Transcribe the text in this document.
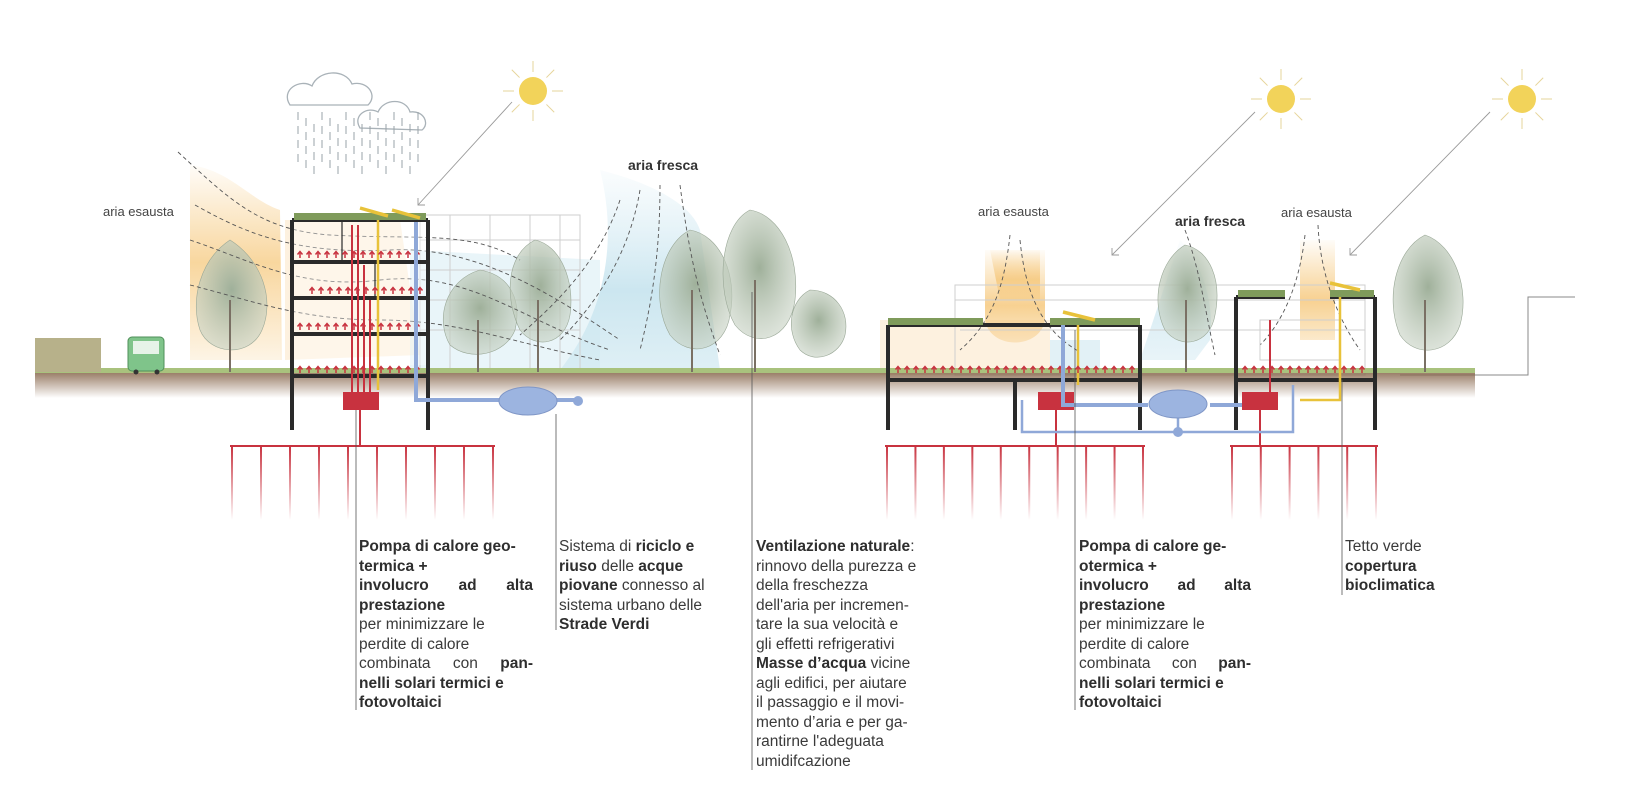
aria esausta
aria fresca
aria esausta
aria fresca
aria esausta
Pompa di calore geo-
termica +
involucro ad alta
prestazione
per minimizzare le
perdite di calore
combinata con pan-
nelli solari termici e
fotovoltaici
Sistema di riciclo e
riuso delle acque
piovane connesso al
sistema urbano delle
Strade Verdi
Ventilazione naturale:
rinnovo della purezza e
della freschezza
dell'aria per incremen-
tare la sua velocità e
gli effetti refrigerativi
Masse d’acqua vicine
agli edifici, per aiutare
il passaggio e il movi-
mento d’aria e per ga-
rantirne l'adeguata
umidifcazione
Pompa di calore ge-
otermica +
involucro ad alta
prestazione
per minimizzare le
perdite di calore
combinata con pan-
nelli solari termici e
fotovoltaici
Tetto verde
copertura
bioclimatica
